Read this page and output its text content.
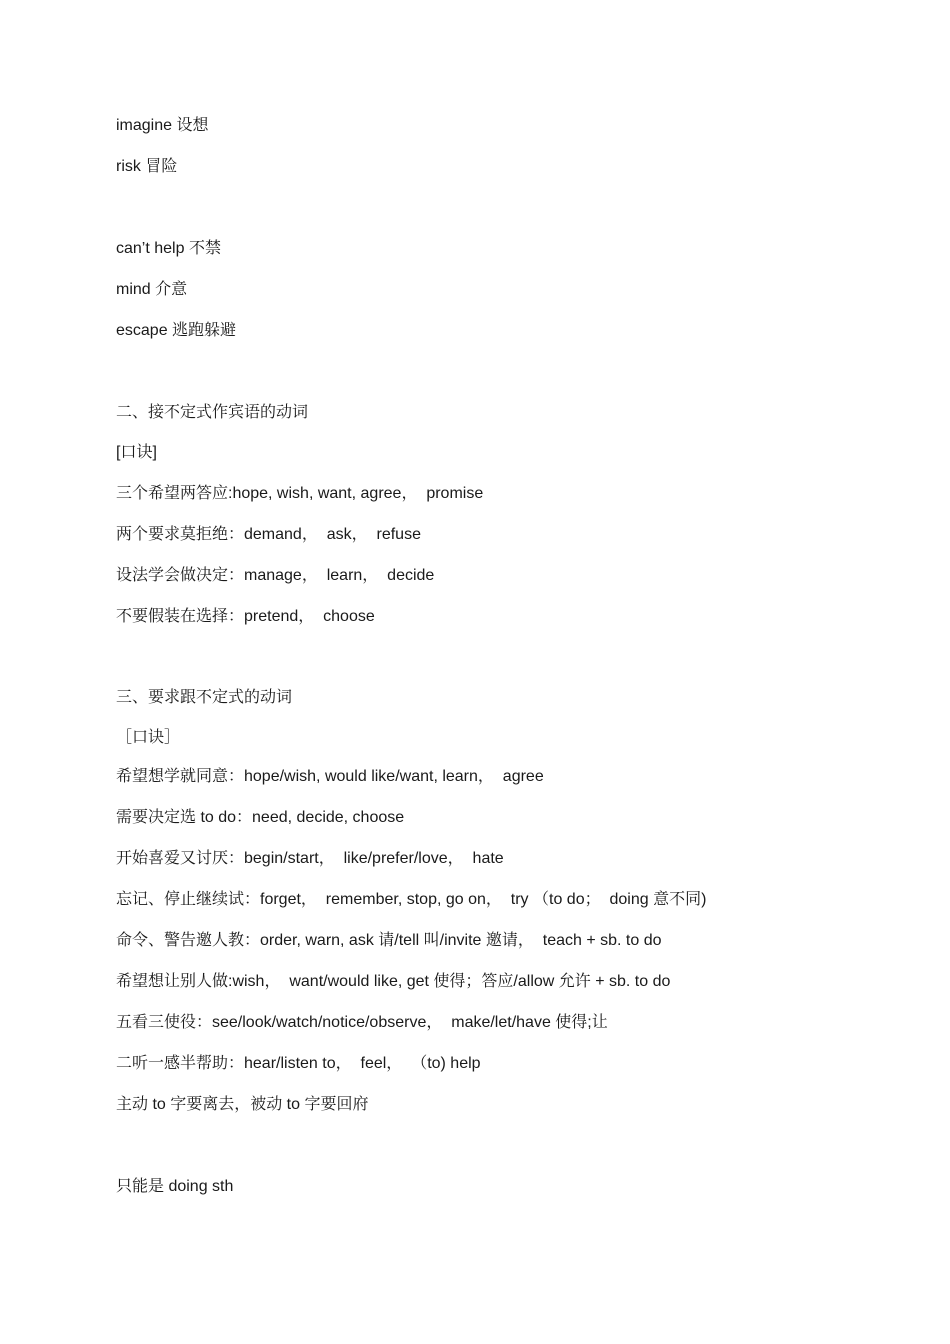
imagine 设想
risk 冒险
can’t help 不禁
mind 介意
escape 逃跑躲避
二、接不定式作宾语的动词
[口诀]
三个希望两答应:hope, wish, want, agree，  promise
两个要求莫拒绝：demand，  ask，  refuse
设法学会做决定：manage，  learn，  decide
不要假装在选择：pretend，  choose
三、要求跟不定式的动词
［口诀］
希望想学就同意：hope/wish, would like/want, learn，  agree
需要决定选 to do：need, decide, choose
开始喜爱又讨厌：begin/start，  like/prefer/love，  hate
忘记、停止继续试：forget，  remember, stop, go on，  try （to do；  doing 意不同)
命令、警告邀人教：order, warn, ask 请/tell 叫/invite 邀请，  teach + sb. to do
希望想让别人做:wish，  want/would like, get 使得；答应/allow 允许 + sb. to do
五看三使役：see/look/watch/notice/observe，  make/let/have 使得;让
二听一感半帮助：hear/listen to，  feel，  （to) help
主动 to 字要离去，被动 to 字要回府
只能是 doing sth
